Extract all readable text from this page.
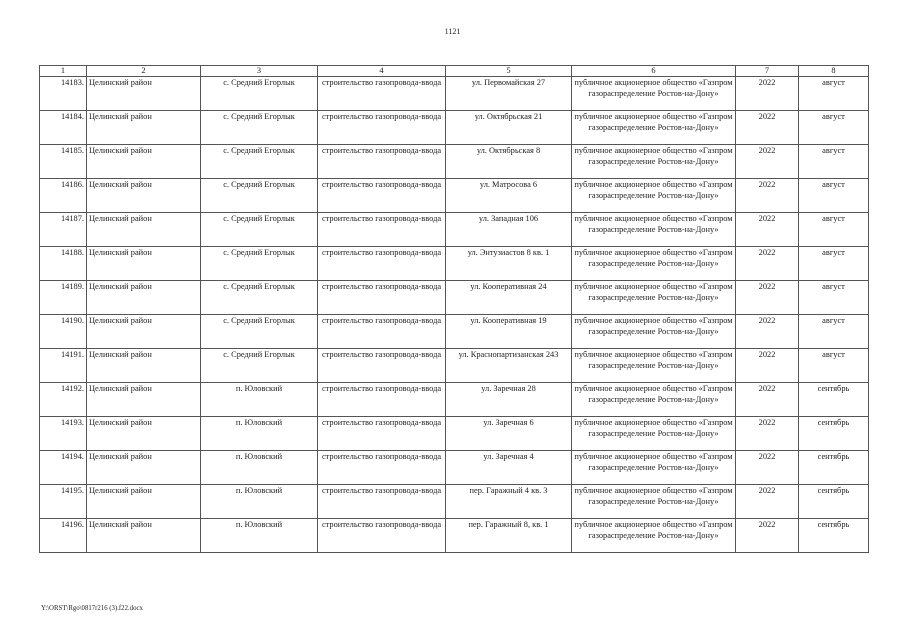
1121
1	2	3	4	5	6	7	8
14183.	Целинский район	с. Средний Егорлык	строительство газопровода-ввода	ул. Первомайская 27	публичное акционерное общество «Газпром газораспределение Ростов-на-Дону»	2022	август
14184.	Целинский район	с. Средний Егорлык	строительство газопровода-ввода	ул. Октябрьская 21	публичное акционерное общество «Газпром газораспределение Ростов-на-Дону»	2022	август
14185.	Целинский район	с. Средний Егорлык	строительство газопровода-ввода	ул. Октябрьская 8	публичное акционерное общество «Газпром газораспределение Ростов-на-Дону»	2022	август
14186.	Целинский район	с. Средний Егорлык	строительство газопровода-ввода	ул. Матросова 6	публичное акционерное общество «Газпром газораспределение Ростов-на-Дону»	2022	август
14187.	Целинский район	с. Средний Егорлык	строительство газопровода-ввода	ул. Западная 106	публичное акционерное общество «Газпром газораспределение Ростов-на-Дону»	2022	август
14188.	Целинский район	с. Средний Егорлык	строительство газопровода-ввода	ул. Энтузиастов 8 кв. 1	публичное акционерное общество «Газпром газораспределение Ростов-на-Дону»	2022	август
14189.	Целинский район	с. Средний Егорлык	строительство газопровода-ввода	ул. Кооперативная 24	публичное акционерное общество «Газпром газораспределение Ростов-на-Дону»	2022	август
14190.	Целинский район	с. Средний Егорлык	строительство газопровода-ввода	ул. Кооперативная 19	публичное акционерное общество «Газпром газораспределение Ростов-на-Дону»	2022	август
14191.	Целинский район	с. Средний Егорлык	строительство газопровода-ввода	ул. Краснопартизанская 243	публичное акционерное общество «Газпром газораспределение Ростов-на-Дону»	2022	август
14192.	Целинский район	п. Юловский	строительство газопровода-ввода	ул. Заречная 28	публичное акционерное общество «Газпром газораспределение Ростов-на-Дону»	2022	сентябрь
14193.	Целинский район	п. Юловский	строительство газопровода-ввода	ул. Заречная 6	публичное акционерное общество «Газпром газораспределение Ростов-на-Дону»	2022	сентябрь
14194.	Целинский район	п. Юловский	строительство газопровода-ввода	ул. Заречная 4	публичное акционерное общество «Газпром газораспределение Ростов-на-Дону»	2022	сентябрь
14195.	Целинский район	п. Юловский	строительство газопровода-ввода	пер. Гаражный 4 кв. 3	публичное акционерное общество «Газпром газораспределение Ростов-на-Дону»	2022	сентябрь
14196.	Целинский район	п. Юловский	строительство газопровода-ввода	пер. Гаражный 8, кв. 1	публичное акционерное общество «Газпром газораспределение Ростов-на-Дону»	2022	сентябрь
Y:\ORST\Rgo\0817r216 (3).f22.docx
